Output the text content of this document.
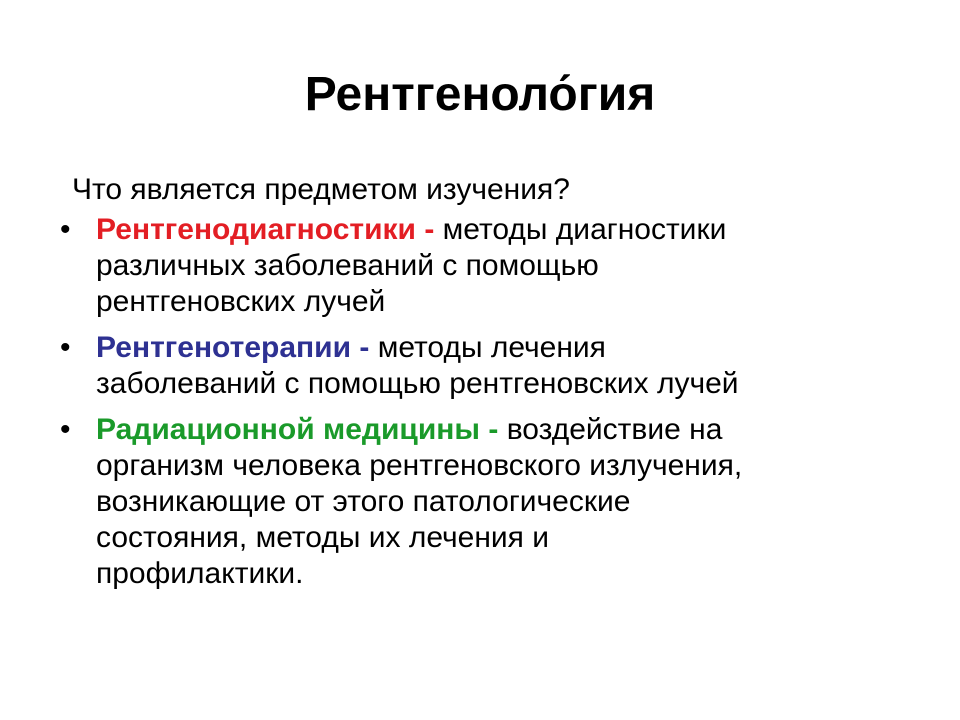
Рентгеноло́гия

Что является предметом изучения?

• Рентгенодиагностики - методы диагностики
различных заболеваний с помощью
рентгеновских лучей
• Рентгенотерапии - методы лечения
заболеваний с помощью рентгеновских лучей
• Радиационной медицины - воздействие на
организм человека рентгеновского излучения,
возникающие от этого патологические
состояния, методы их лечения и
профилактики.
